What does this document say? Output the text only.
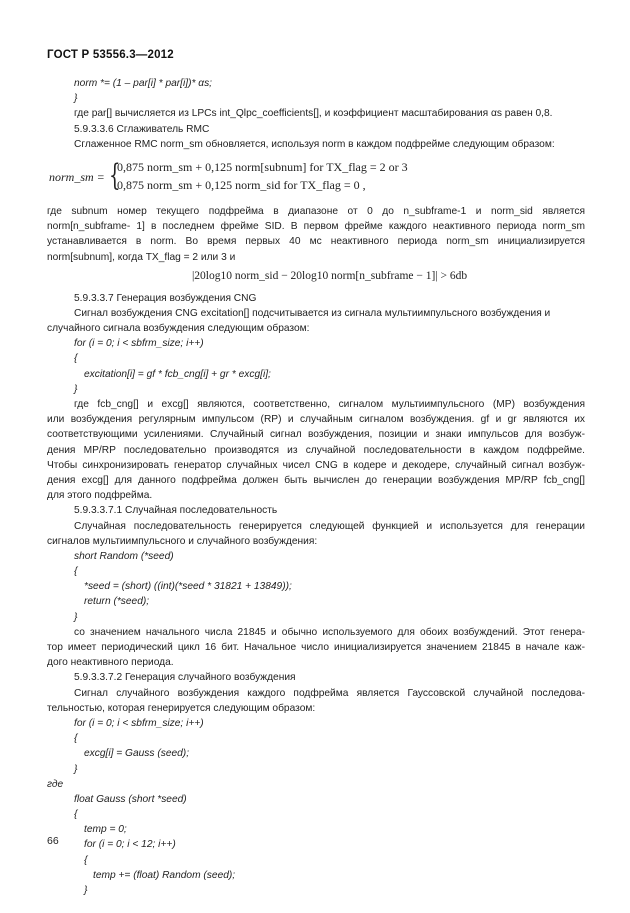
ГОСТ Р 53556.3—2012
norm *= (1 – par[i] * par[i])* αs;
}
где par[] вычисляется из LPCs int_Qlpc_coefficients[], и коэффициент масштабирования αs равен 0,8.
5.9.3.3.6 Сглаживатель RMC
Сглаженное RMC norm_sm обновляется, используя norm в каждом подфрейме следующим образом:
norm_sm = {
0,875 norm_sm + 0,125 norm[subnum] for TX_flag = 2 or 3
0,875 norm_sm + 0,125 norm_sid for TX_flag = 0 ,
где subnum номер текущего подфрейма в диапазоне от 0 до n_subframe-1 и norm_sid является
norm[n_subframe- 1] в последнем фрейме SID. В первом фрейме каждого неактивного периода norm_sm
устанавливается в norm. Во время первых 40 мс неактивного периода norm_sm инициализируется
norm[subnum], когда TX_flag = 2 или 3 и
|20log10 norm_sid − 20log10 norm[n_subframe − 1]| > 6db
5.9.3.3.7 Генерация возбуждения CNG
Сигнал возбуждения CNG excitation[] подсчитывается из сигнала мультиимпульсного возбуждения и
случайного сигнала возбуждения следующим образом:
for (i = 0; i < sbfrm_size; i++)
{
excitation[i] = gf * fcb_cng[i] + gr * excg[i];
}
где fcb_cng[] и excg[] являются, соответственно, сигналом мультиимпульсного (MP) возбуждения
или возбуждения регулярным импульсом (RP) и случайным сигналом возбуждения. gf и gr являются их
соответствующими усилениями. Случайный сигнал возбуждения, позиции и знаки импульсов для возбуж-
дения MP/RP последовательно производятся из случайной последовательности в каждом подфрейме.
Чтобы синхронизировать генератор случайных чисел CNG в кодере и декодере, случайный сигнал возбуж-
дения excg[] для данного подфрейма должен быть вычислен до генерации возбуждения MP/RP fcb_cng[]
для этого подфрейма.
5.9.3.3.7.1 Случайная последовательность
Случайная последовательность генерируется следующей функцией и используется для генерации
сигналов мультиимпульсного и случайного возбуждения:
short Random (*seed)
{
*seed = (short) ((int)(*seed * 31821 + 13849));
return (*seed);
}
со значением начального числа 21845 и обычно используемого для обоих возбуждений. Этот генера-
тор имеет периодический цикл 16 бит. Начальное число инициализируется значением 21845 в начале каж-
дого неактивного периода.
5.9.3.3.7.2 Генерация случайного возбуждения
Сигнал случайного возбуждения каждого подфрейма является Гауссовской случайной последова-
тельностью, которая генерируется следующим образом:
for (i = 0; i < sbfrm_size; i++)
{
excg[i] = Gauss (seed);
}
где
float Gauss (short *seed)
{
temp = 0;
for (i = 0; i < 12; i++)
{
temp += (float) Random (seed);
}
66
